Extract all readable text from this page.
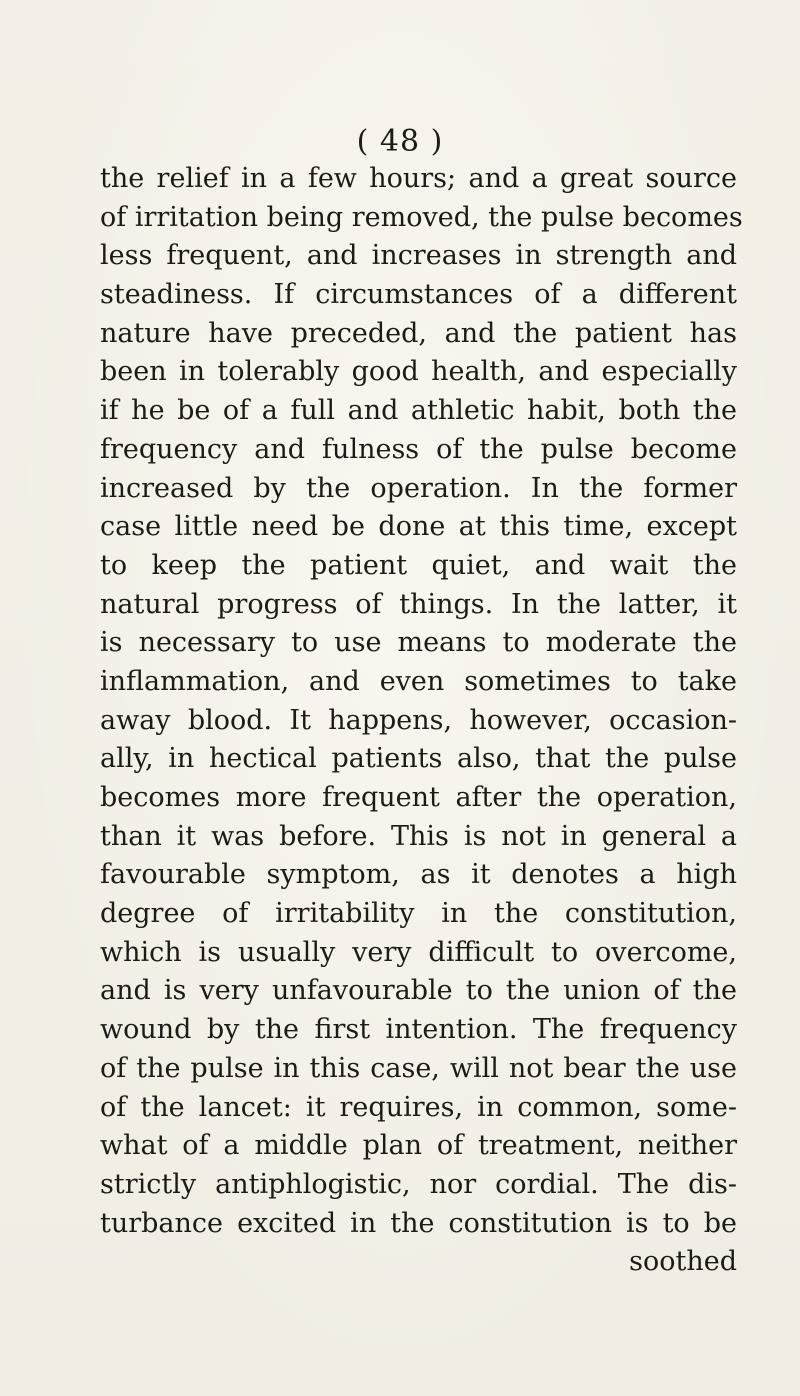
( 48 )
the relief in a few hours; and a great source
of irritation being removed, the pulse becomes
less frequent, and increases in strength and
steadiness. If circumstances of a different
nature have preceded, and the patient has
been in tolerably good health, and especially
if he be of a full and athletic habit, both the
frequency and fulness of the pulse become
increased by the operation. In the former
case little need be done at this time, except
to keep the patient quiet, and wait the
natural progress of things. In the latter, it
is necessary to use means to moderate the
inflammation, and even sometimes to take
away blood. It happens, however, occasion-
ally, in hectical patients also, that the pulse
becomes more frequent after the operation,
than it was before. This is not in general a
favourable symptom, as it denotes a high
degree of irritability in the constitution,
which is usually very difficult to overcome,
and is very unfavourable to the union of the
wound by the first intention. The frequency
of the pulse in this case, will not bear the use
of the lancet: it requires, in common, some-
what of a middle plan of treatment, neither
strictly antiphlogistic, nor cordial. The dis-
turbance excited in the constitution is to be
soothed
